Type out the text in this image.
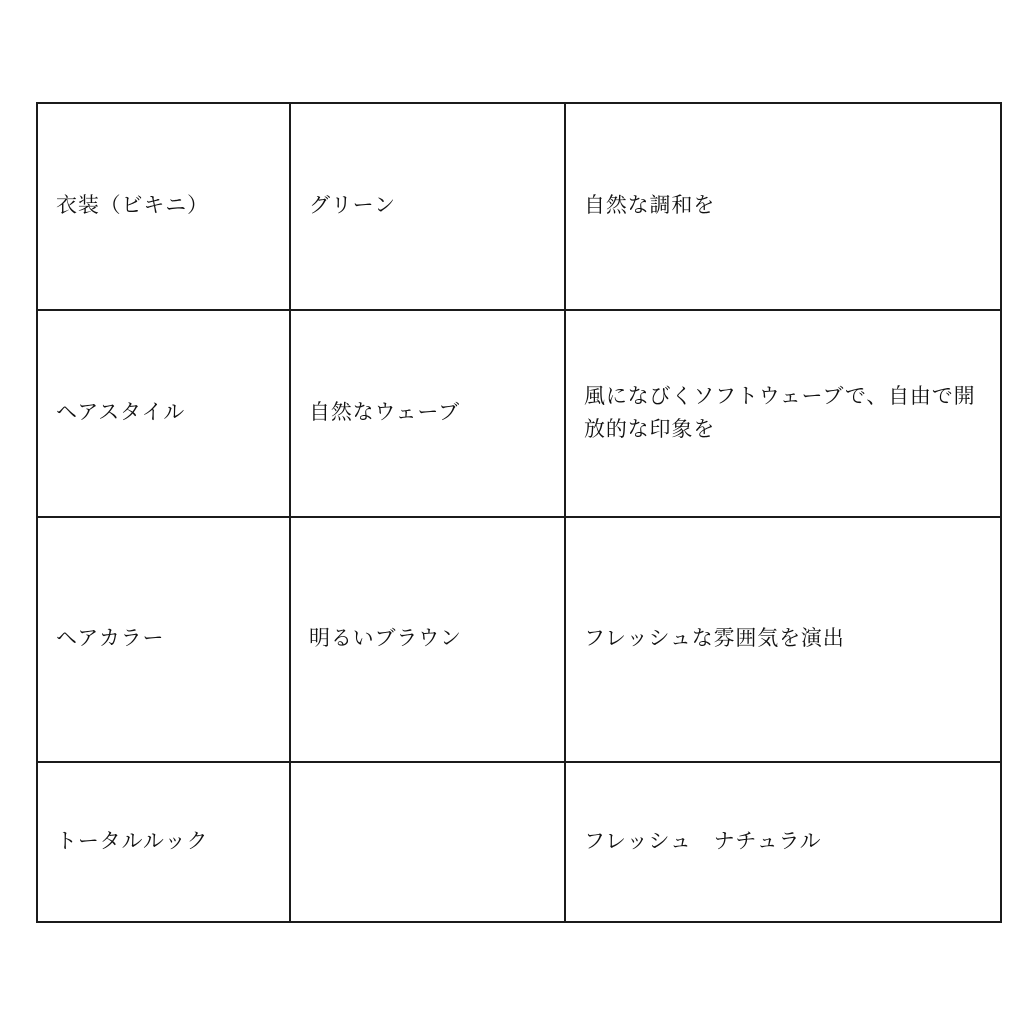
衣装（ビキニ）	グリーン	自然な調和を

ヘアスタイル	自然なウェーブ	風になびくソフトウェーブで、自由で開放的な印象を

ヘアカラー	明るいブラウン	フレッシュな雰囲気を演出

トータルルック		フレッシュ　ナチュラル
